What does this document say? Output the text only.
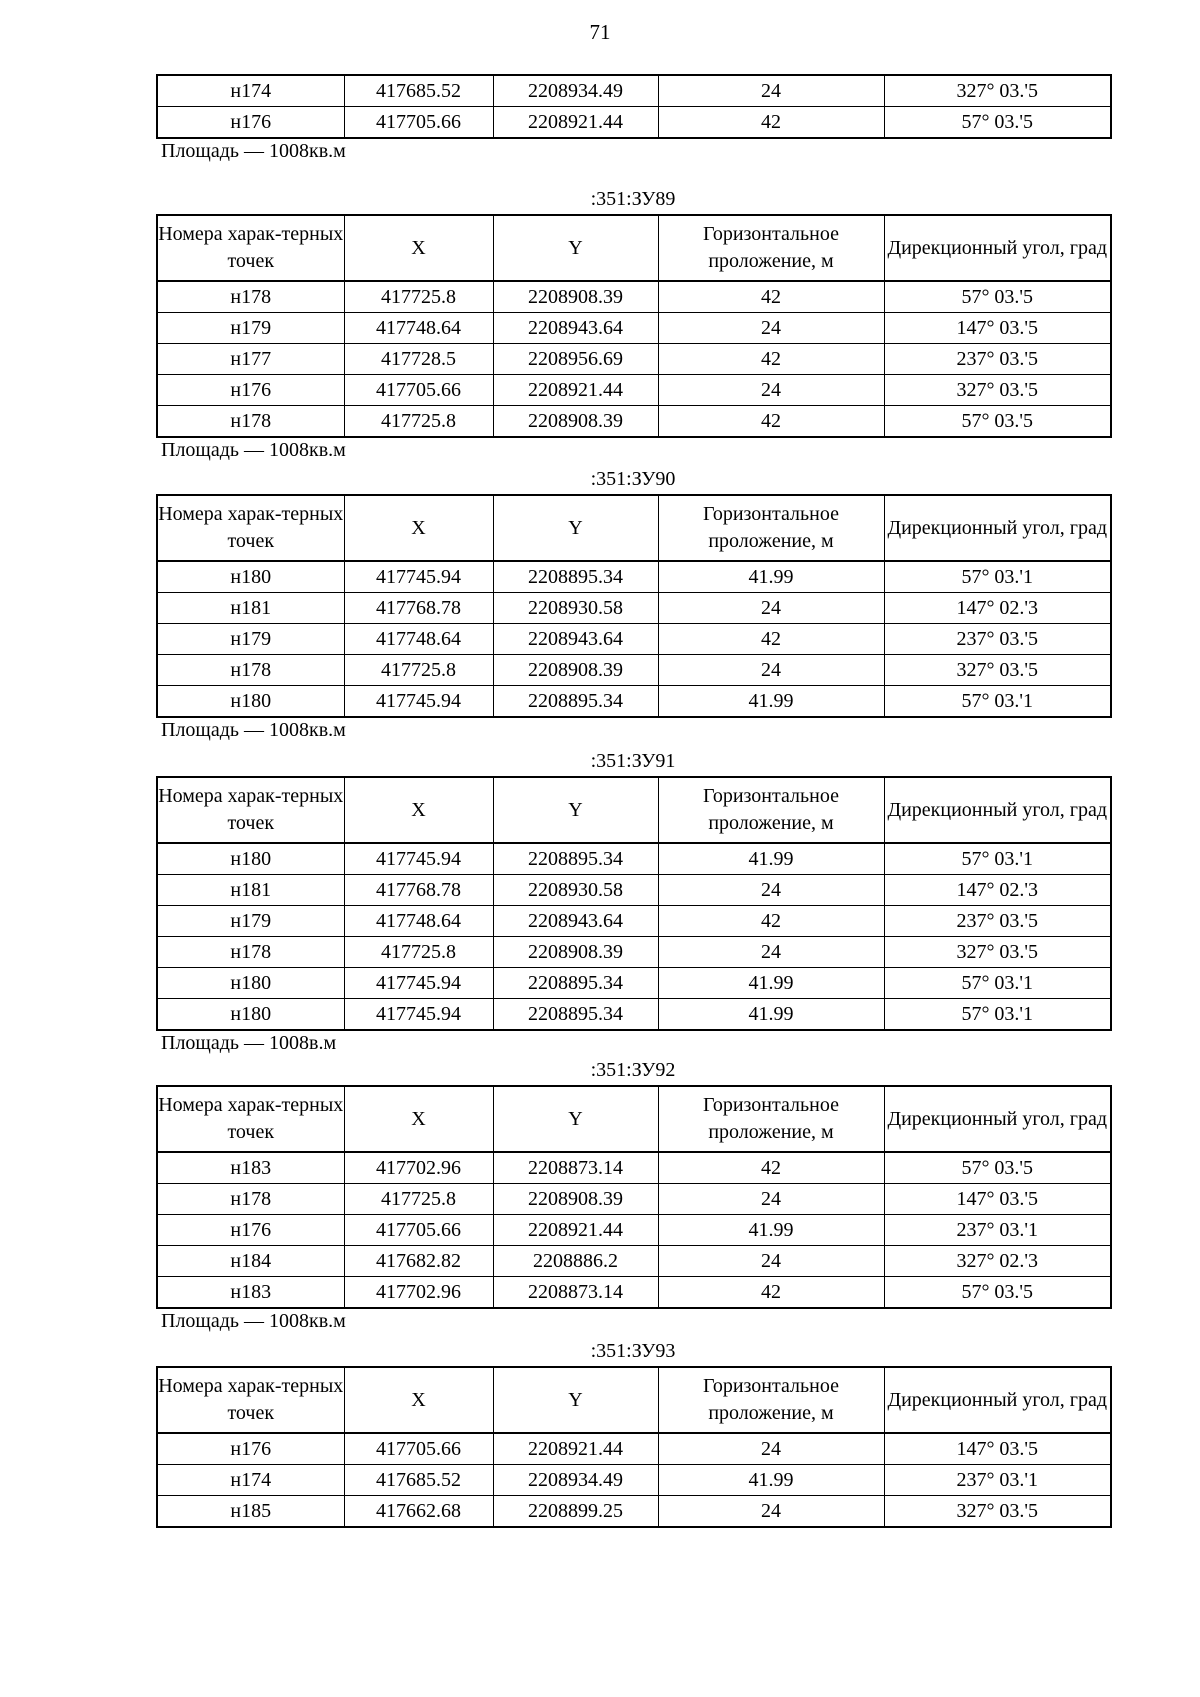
71
н174	417685.52	2208934.49	24	327° 03.'5
н176	417705.66	2208921.44	42	57° 03.'5
Площадь — 1008кв.м
:351:ЗУ89
Номера харак-терных точек	X	Y	Горизонтальное проложение, м	Дирекционный угол, град
н178	417725.8	2208908.39	42	57° 03.'5
н179	417748.64	2208943.64	24	147° 03.'5
н177	417728.5	2208956.69	42	237° 03.'5
н176	417705.66	2208921.44	24	327° 03.'5
н178	417725.8	2208908.39	42	57° 03.'5
Площадь — 1008кв.м
:351:ЗУ90
Номера харак-терных точек	X	Y	Горизонтальное проложение, м	Дирекционный угол, град
н180	417745.94	2208895.34	41.99	57° 03.'1
н181	417768.78	2208930.58	24	147° 02.'3
н179	417748.64	2208943.64	42	237° 03.'5
н178	417725.8	2208908.39	24	327° 03.'5
н180	417745.94	2208895.34	41.99	57° 03.'1
Площадь — 1008кв.м
:351:ЗУ91
Номера харак-терных точек	X	Y	Горизонтальное проложение, м	Дирекционный угол, град
н180	417745.94	2208895.34	41.99	57° 03.'1
н181	417768.78	2208930.58	24	147° 02.'3
н179	417748.64	2208943.64	42	237° 03.'5
н178	417725.8	2208908.39	24	327° 03.'5
н180	417745.94	2208895.34	41.99	57° 03.'1
н180	417745.94	2208895.34	41.99	57° 03.'1
Площадь — 1008в.м
:351:ЗУ92
Номера харак-терных точек	X	Y	Горизонтальное проложение, м	Дирекционный угол, град
н183	417702.96	2208873.14	42	57° 03.'5
н178	417725.8	2208908.39	24	147° 03.'5
н176	417705.66	2208921.44	41.99	237° 03.'1
н184	417682.82	2208886.2	24	327° 02.'3
н183	417702.96	2208873.14	42	57° 03.'5
Площадь — 1008кв.м
:351:ЗУ93
Номера харак-терных точек	X	Y	Горизонтальное проложение, м	Дирекционный угол, град
н176	417705.66	2208921.44	24	147° 03.'5
н174	417685.52	2208934.49	41.99	237° 03.'1
н185	417662.68	2208899.25	24	327° 03.'5
